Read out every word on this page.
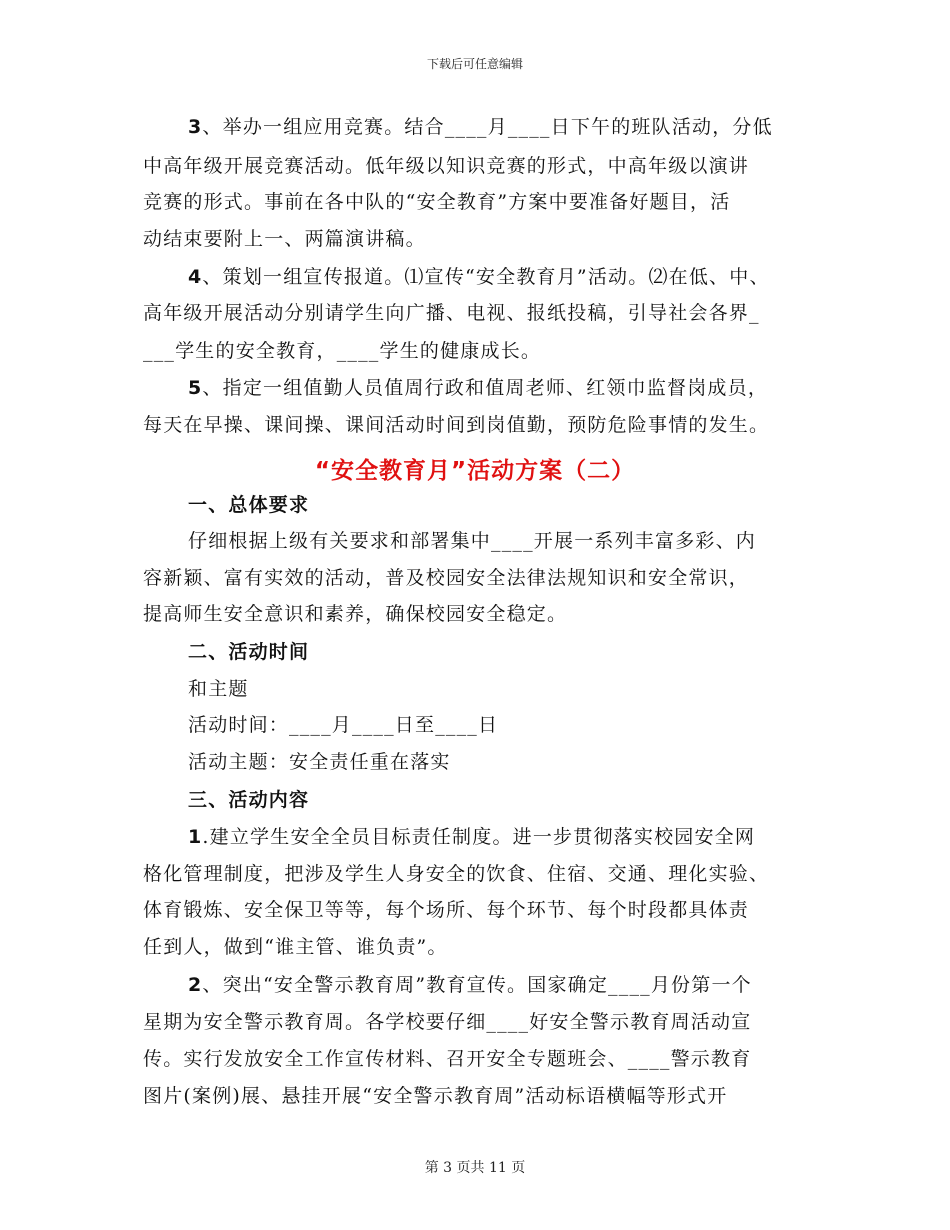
下载后可任意编辑
3、举办一组应用竞赛。结合____月____日下午的班队活动，分低
中高年级开展竞赛活动。低年级以知识竞赛的形式，中高年级以演讲
竞赛的形式。事前在各中队的“安全教育”方案中要准备好题目，活
动结束要附上一、两篇演讲稿。
4、策划一组宣传报道。⑴宣传“安全教育月”活动。⑵在低、中、
高年级开展活动分别请学生向广播、电视、报纸投稿，引导社会各界_
___学生的安全教育，____学生的健康成长。
5、指定一组值勤人员值周行政和值周老师、红领巾监督岗成员，
每天在早操、课间操、课间活动时间到岗值勤，预防危险事情的发生。
“安全教育月”活动方案（二）
一、总体要求
仔细根据上级有关要求和部署集中____开展一系列丰富多彩、内
容新颖、富有实效的活动，普及校园安全法律法规知识和安全常识，
提高师生安全意识和素养，确保校园安全稳定。
二、活动时间
和主题
活动时间：____月____日至____日
活动主题：安全责任重在落实
三、活动内容
1.建立学生安全全员目标责任制度。进一步贯彻落实校园安全网
格化管理制度，把涉及学生人身安全的饮食、住宿、交通、理化实验、
体育锻炼、安全保卫等等，每个场所、每个环节、每个时段都具体责
任到人，做到“谁主管、谁负责”。
2、突出“安全警示教育周”教育宣传。国家确定____月份第一个
星期为安全警示教育周。各学校要仔细____好安全警示教育周活动宣
传。实行发放安全工作宣传材料、召开安全专题班会、____警示教育
图片(案例)展、悬挂开展“安全警示教育周”活动标语横幅等形式开
第 3 页共 11 页
